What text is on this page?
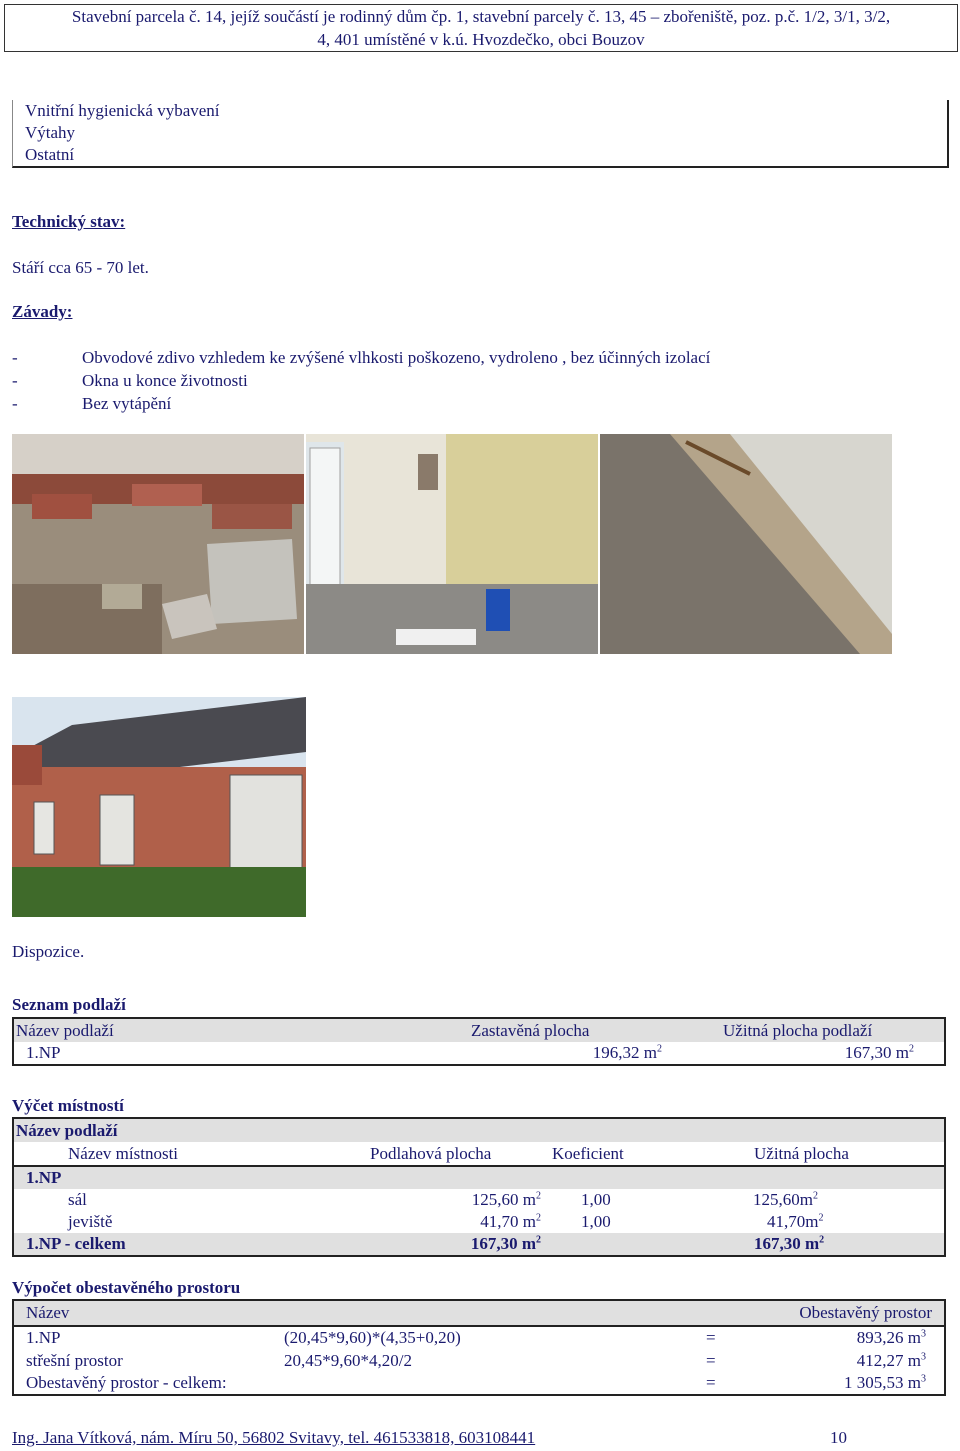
Stavební parcela č. 14, jejíž součástí je rodinný dům čp. 1, stavební parcely č. 13, 45 – zbořeniště, poz. p.č. 1/2, 3/1, 3/2,
4, 401 umístěné v k.ú. Hvozdečko, obci Bouzov
Vnitřní hygienická vybavení
Výtahy
Ostatní
Technický stav:
Stáří cca 65 - 70 let.
Závady:
-	Obvodové zdivo vzhledem ke zvýšené vlhkosti poškozeno, vydroleno , bez účinných izolací
-	Okna u konce životnosti
-	Bez vytápění
Dispozice.
Seznam podlaží
Název podlaží	Zastavěná plocha	Užitná plocha podlaží
1.NP	196,32 $m^2$	167,30 $m^2$
Výčet místností
Název podlaží			
Název místnosti	Podlahová plocha	Koeficient	Užitná plocha
1.NP			
sál	125,60 $m^2$	1,00	$125,60m^2$
jeviště	41,70 $m^2$	1,00	$41,70m^2$
1.NP - celkem	167,30 $m^2$		167,30 $m^2$
Výpočet obestavěného prostoru
Název			Obestavěný prostor
1.NP	(20,45*9,60)*(4,35+0,20)	=	893,26 $m^3$
střešní prostor	20,45*9,60*4,20/2	=	412,27 $m^3$
Obestavěný prostor - celkem:		=	1 305,53 $m^3$
Ing. Jana Vítková, nám. Míru 50, 56802 Svitavy, tel. 461533818, 603108441	10
